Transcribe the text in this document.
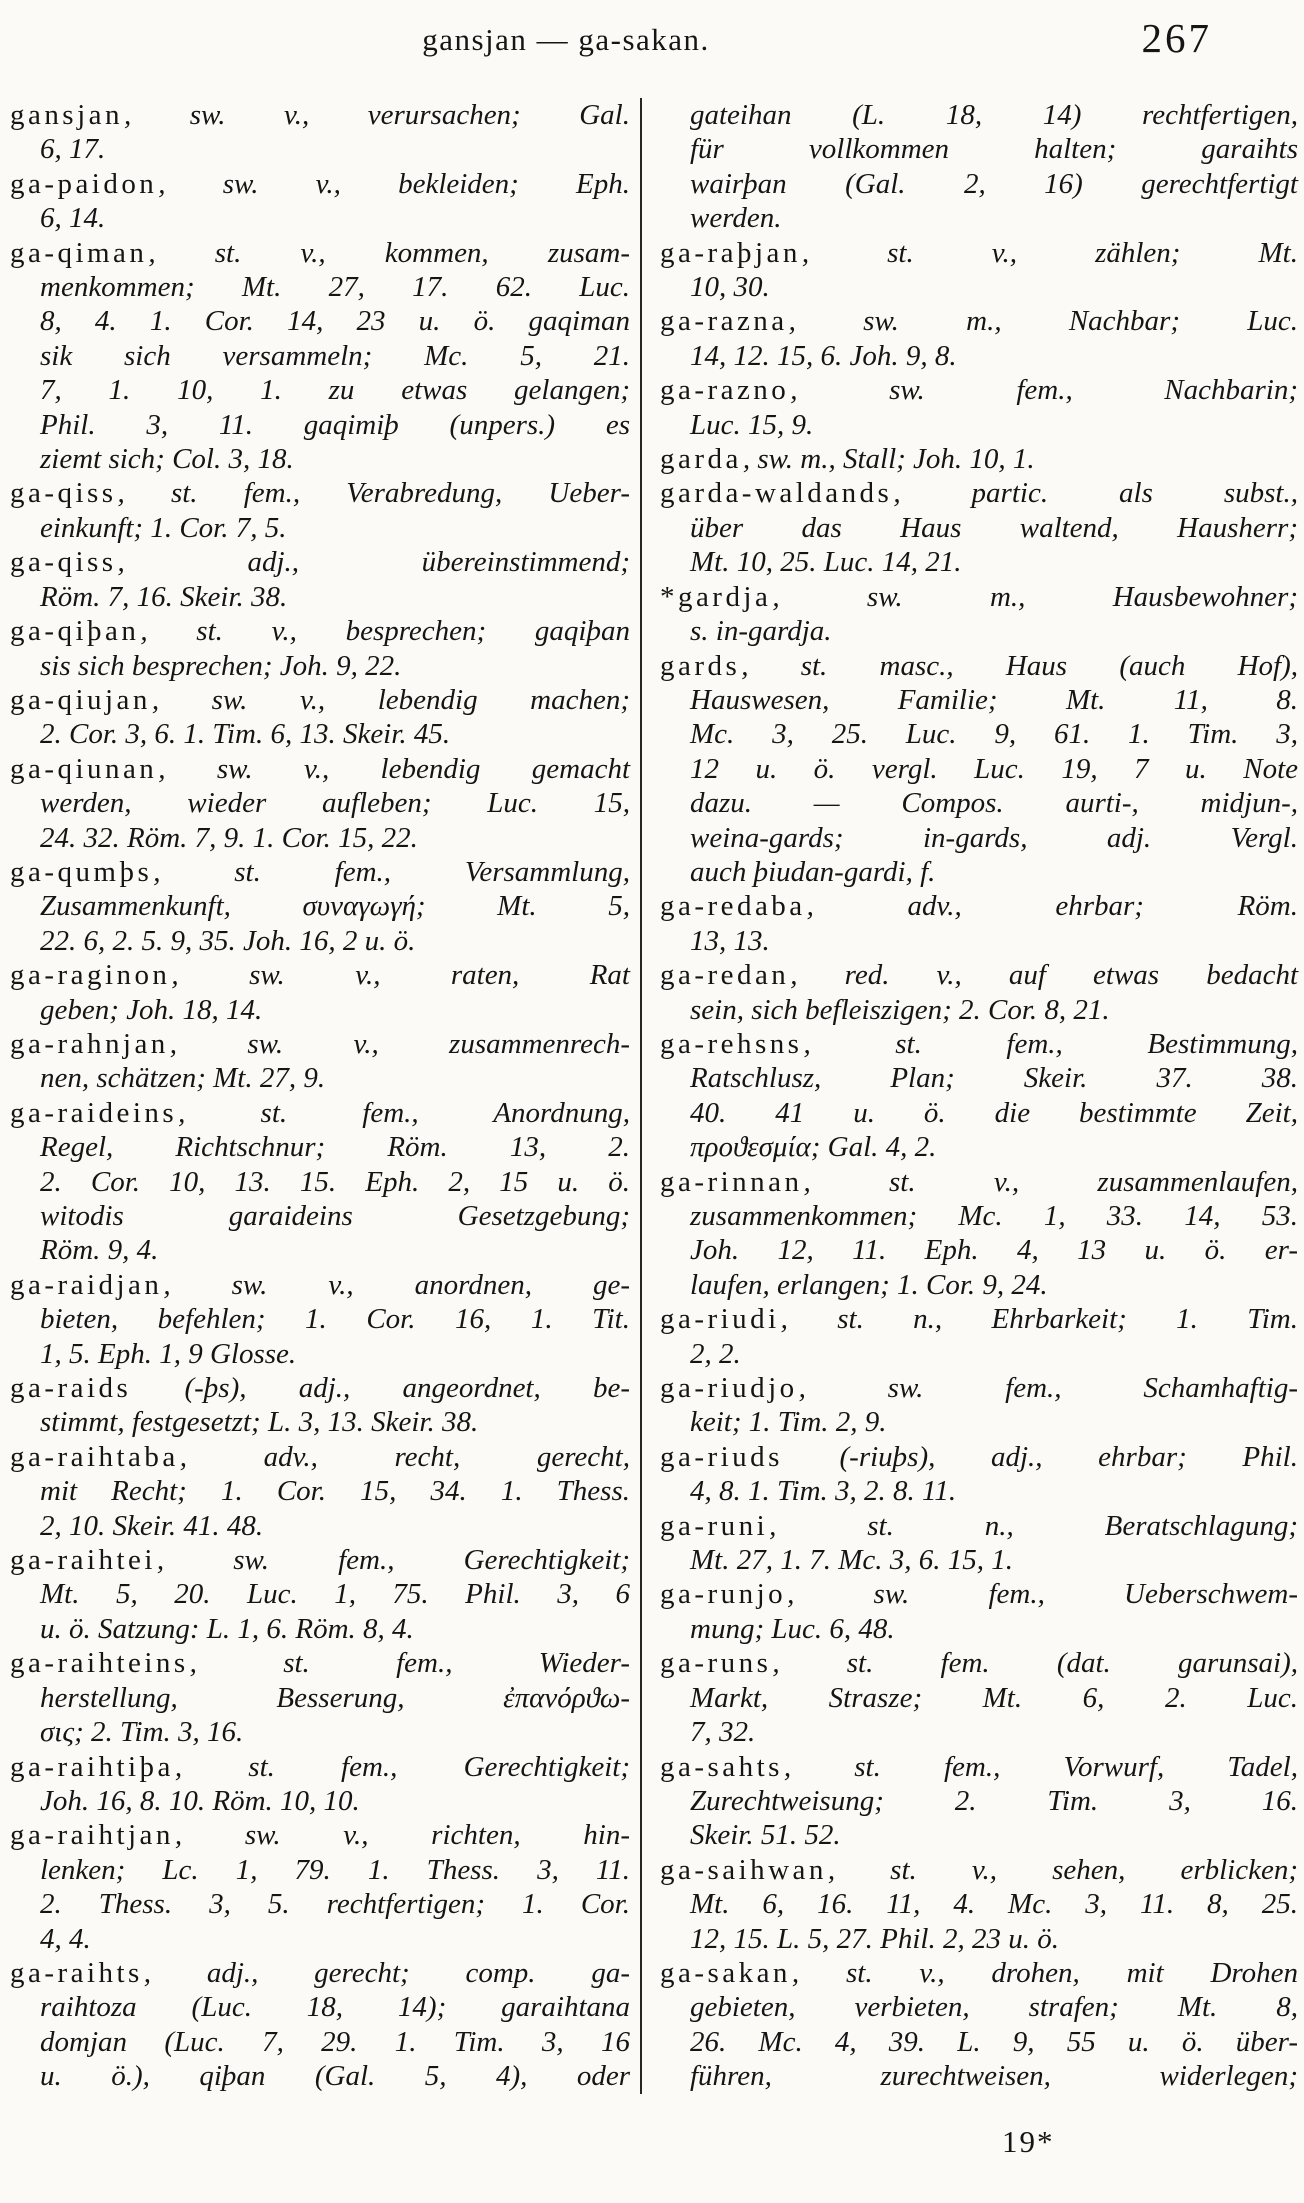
gansjan — ga-sakan.	267
gansjan, sw. v., verursachen; Gal.
6, 17.
ga-paidon, sw. v., bekleiden; Eph.
6, 14.
ga-qiman, st. v., kommen, zusam-
menkommen; Mt. 27, 17. 62. Luc.
8, 4. 1. Cor. 14, 23 u. ö. gaqiman
sik sich versammeln; Mc. 5, 21.
7, 1. 10, 1. zu etwas gelangen;
Phil. 3, 11. gaqimiþ (unpers.) es
ziemt sich; Col. 3, 18.
ga-qiss, st. fem., Verabredung, Ueber-
einkunft; 1. Cor. 7, 5.
ga-qiss, adj., übereinstimmend;
Röm. 7, 16. Skeir. 38.
ga-qiþan, st. v., besprechen; gaqiþan
sis sich besprechen; Joh. 9, 22.
ga-qiujan, sw. v., lebendig machen;
2. Cor. 3, 6. 1. Tim. 6, 13. Skeir. 45.
ga-qiunan, sw. v., lebendig gemacht
werden, wieder aufleben; Luc. 15,
24. 32. Röm. 7, 9. 1. Cor. 15, 22.
ga-qumþs, st. fem., Versammlung,
Zusammenkunft, συναγωγή; Mt. 5,
22. 6, 2. 5. 9, 35. Joh. 16, 2 u. ö.
ga-raginon, sw. v., raten, Rat
geben; Joh. 18, 14.
ga-rahnjan, sw. v., zusammenrech-
nen, schätzen; Mt. 27, 9.
ga-raideins, st. fem., Anordnung,
Regel, Richtschnur; Röm. 13, 2.
2. Cor. 10, 13. 15. Eph. 2, 15 u. ö.
witodis garaideins Gesetzgebung;
Röm. 9, 4.
ga-raidjan, sw. v., anordnen, ge-
bieten, befehlen; 1. Cor. 16, 1. Tit.
1, 5. Eph. 1, 9 Glosse.
ga-raids (-þs), adj., angeordnet, be-
stimmt, festgesetzt; L. 3, 13. Skeir. 38.
ga-raihtaba, adv., recht, gerecht,
mit Recht; 1. Cor. 15, 34. 1. Thess.
2, 10. Skeir. 41. 48.
ga-raihtei, sw. fem., Gerechtigkeit;
Mt. 5, 20. Luc. 1, 75. Phil. 3, 6
u. ö. Satzung: L. 1, 6. Röm. 8, 4.
ga-raihteins, st. fem., Wieder-
herstellung, Besserung, ἐπανόρϑω-
σις; 2. Tim. 3, 16.
ga-raihtiþa, st. fem., Gerechtigkeit;
Joh. 16, 8. 10. Röm. 10, 10.
ga-raihtjan, sw. v., richten, hin-
lenken; Lc. 1, 79. 1. Thess. 3, 11.
2. Thess. 3, 5. rechtfertigen; 1. Cor.
4, 4.
ga-raihts, adj., gerecht; comp. ga-
raihtoza (Luc. 18, 14); garaihtana
domjan (Luc. 7, 29. 1. Tim. 3, 16
u. ö.), qiþan (Gal. 5, 4), oder
gateihan (L. 18, 14) rechtfertigen,
für vollkommen halten; garaihts
wairþan (Gal. 2, 16) gerechtfertigt
werden.
ga-raþjan, st. v., zählen; Mt.
10, 30.
ga-razna, sw. m., Nachbar; Luc.
14, 12. 15, 6. Joh. 9, 8.
ga-razno, sw. fem., Nachbarin;
Luc. 15, 9.
garda, sw. m., Stall; Joh. 10, 1.
garda-waldands, partic. als subst.,
über das Haus waltend, Hausherr;
Mt. 10, 25. Luc. 14, 21.
*gardja, sw. m., Hausbewohner;
s. in-gardja.
gards, st. masc., Haus (auch Hof),
Hauswesen, Familie; Mt. 11, 8.
Mc. 3, 25. Luc. 9, 61. 1. Tim. 3,
12 u. ö. vergl. Luc. 19, 7 u. Note
dazu. — Compos. aurti-, midjun-,
weina-gards; in-gards, adj. Vergl.
auch þiudan-gardi, f.
ga-redaba, adv., ehrbar; Röm.
13, 13.
ga-redan, red. v., auf etwas bedacht
sein, sich befleiszigen; 2. Cor. 8, 21.
ga-rehsns, st. fem., Bestimmung,
Ratschlusz, Plan; Skeir. 37. 38.
40. 41 u. ö. die bestimmte Zeit,
προϑεσμία; Gal. 4, 2.
ga-rinnan, st. v., zusammenlaufen,
zusammenkommen; Mc. 1, 33. 14, 53.
Joh. 12, 11. Eph. 4, 13 u. ö. er-
laufen, erlangen; 1. Cor. 9, 24.
ga-riudi, st. n., Ehrbarkeit; 1. Tim.
2, 2.
ga-riudjo, sw. fem., Schamhaftig-
keit; 1. Tim. 2, 9.
ga-riuds (-riuþs), adj., ehrbar; Phil.
4, 8. 1. Tim. 3, 2. 8. 11.
ga-runi, st. n., Beratschlagung;
Mt. 27, 1. 7. Mc. 3, 6. 15, 1.
ga-runjo, sw. fem., Ueberschwem-
mung; Luc. 6, 48.
ga-runs, st. fem. (dat. garunsai),
Markt, Strasze; Mt. 6, 2. Luc.
7, 32.
ga-sahts, st. fem., Vorwurf, Tadel,
Zurechtweisung; 2. Tim. 3, 16.
Skeir. 51. 52.
ga-saihwan, st. v., sehen, erblicken;
Mt. 6, 16. 11, 4. Mc. 3, 11. 8, 25.
12, 15. L. 5, 27. Phil. 2, 23 u. ö.
ga-sakan, st. v., drohen, mit Drohen
gebieten, verbieten, strafen; Mt. 8,
26. Mc. 4, 39. L. 9, 55 u. ö. über-
führen, zurechtweisen, widerlegen;
19*
